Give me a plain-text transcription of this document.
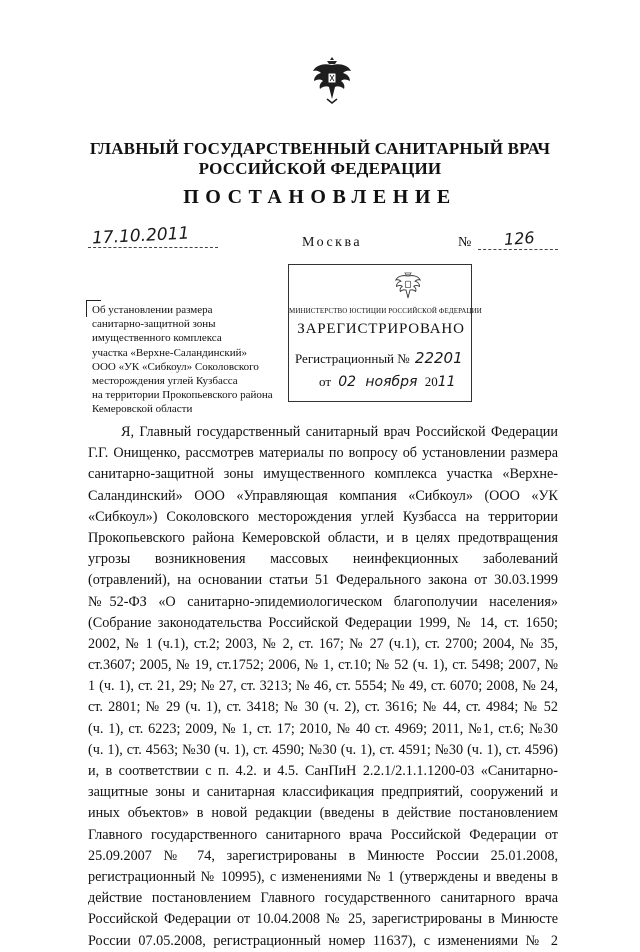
ГЛАВНЫЙ ГОСУДАРСТВЕННЫЙ САНИТАРНЫЙ ВРАЧ
РОССИЙСКОЙ ФЕДЕРАЦИИ
ПОСТАНОВЛЕНИЕ
17.10.2011	Москва	№ 126
Об установлении размера
санитарно-защитной зоны
имущественного комплекса
участка «Верхне-Саландинский»
ООО «УК «Сибкоул» Соколовского
месторождения углей Кузбасса
на территории Прокопьевского района
Кемеровской области
МИНИСТЕРСТВО ЮСТИЦИИ РОССИЙСКОЙ ФЕДЕРАЦИИ
ЗАРЕГИСТРИРОВАНО
Регистрационный № 22201
от 02 ноября 2011
Я, Главный государственный санитарный врач Российской Федерации
Г.Г. Онищенко, рассмотрев материалы по вопросу об установлении размера
санитарно-защитной зоны имущественного комплекса участка «Верхне-
Саландинский» ООО «Управляющая компания «Сибкоул» (ООО «УК
«Сибкоул») Соколовского месторождения углей Кузбасса на территории
Прокопьевского района Кемеровской области, и в целях предотвращения
угрозы возникновения массовых неинфекционных заболеваний
(отравлений), на основании статьи 51 Федерального закона от 30.03.1999
№52-ФЗ «О санитарно-эпидемиологическом благополучии населения»
(Собрание законодательства Российской Федерации 1999, № 14, ст. 1650;
2002, № 1 (ч.1), ст.2; 2003, № 2, ст. 167; № 27 (ч.1), ст. 2700; 2004, № 35,
ст.3607; 2005, № 19, ст.1752; 2006, № 1, ст.10; № 52 (ч. 1), ст. 5498; 2007, №
1 (ч. 1), ст. 21, 29; № 27, ст. 3213; № 46, ст. 5554; № 49, ст. 6070; 2008, № 24,
ст. 2801; № 29 (ч. 1), ст. 3418; № 30 (ч. 2), ст. 3616; № 44, ст. 4984; № 52
(ч. 1), ст. 6223; 2009, № 1, ст. 17; 2010, № 40 ст. 4969; 2011, №1, ст.6; №30
(ч. 1), ст. 4563; №30 (ч. 1), ст. 4590; №30 (ч. 1), ст. 4591; №30 (ч. 1), ст. 4596)
и, в соответствии с п. 4.2. и 4.5. СанПиН 2.2.1/2.1.1.1200-03 «Санитарно-
защитные зоны и санитарная классификация предприятий, сооружений и
иных объектов» в новой редакции (введены в действие постановлением
Главного государственного санитарного врача Российской Федерации от
25.09.2007 № 74, зарегистрированы в Минюсте России 25.01.2008,
регистрационный № 10995), с изменениями № 1 (утверждены и введены в
действие постановлением Главного государственного санитарного врача
Российской Федерации от 10.04.2008 № 25, зарегистрированы в Минюсте
России 07.05.2008, регистрационный номер 11637), с изменениями № 2
